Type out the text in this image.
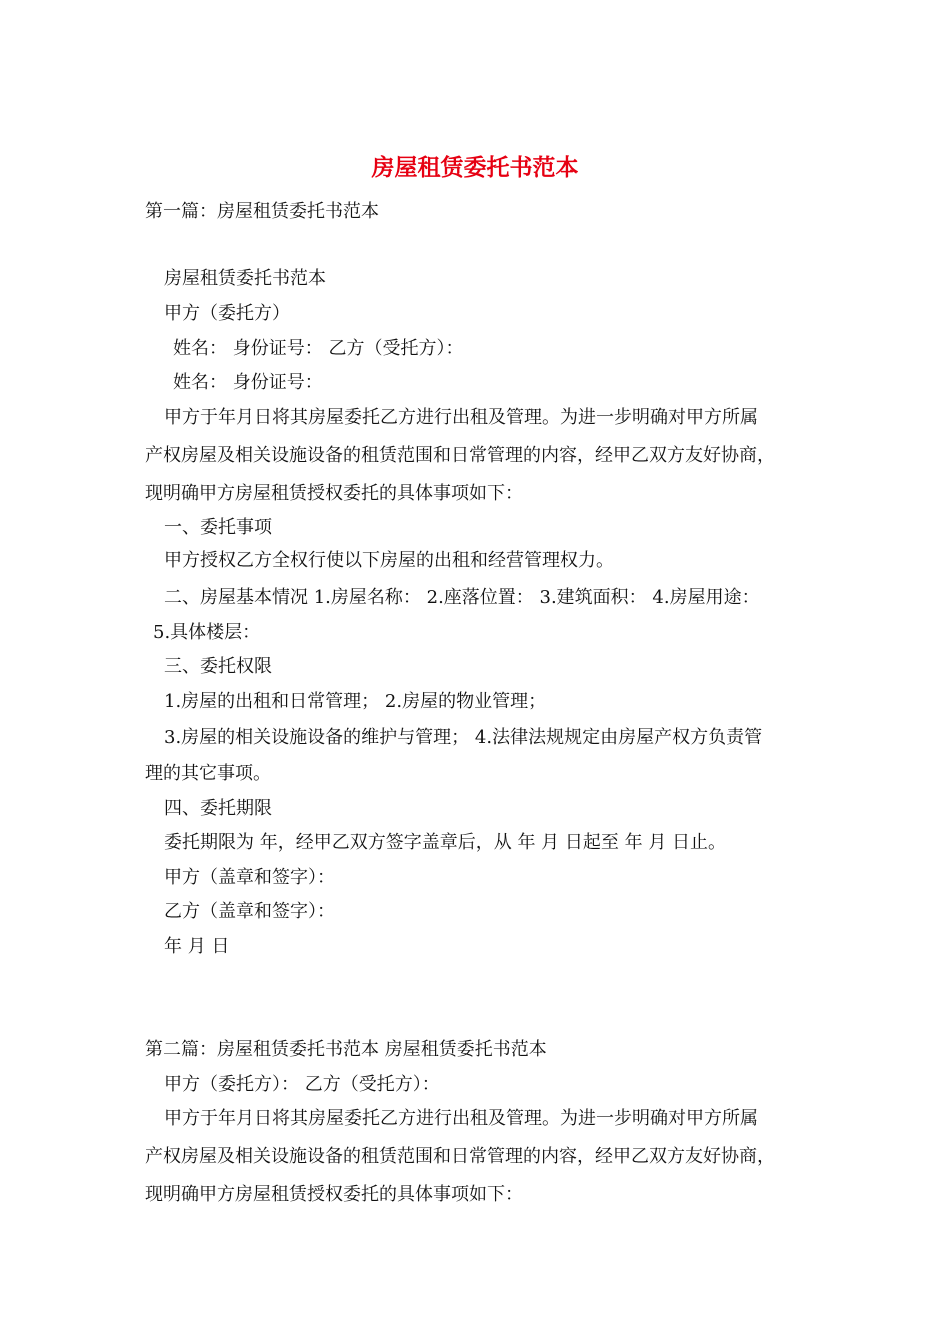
房屋租赁委托书范本
第一篇：房屋租赁委托书范本
房屋租赁委托书范本
甲方（委托方）
姓名： 身份证号： 乙方（受托方）：
姓名： 身份证号：
甲方于年月日将其房屋委托乙方进行出租及管理。为进一步明确对甲方所属
产权房屋及相关设施设备的租赁范围和日常管理的内容，经甲乙双方友好协商，
现明确甲方房屋租赁授权委托的具体事项如下：
一、委托事项
甲方授权乙方全权行使以下房屋的出租和经营管理权力。
二、房屋基本情况 1.房屋名称： 2.座落位置： 3.建筑面积： 4.房屋用途：
5.具体楼层：
三、委托权限
1.房屋的出租和日常管理； 2.房屋的物业管理；
3.房屋的相关设施设备的维护与管理； 4.法律法规规定由房屋产权方负责管
理的其它事项。
四、委托期限
委托期限为 年，经甲乙双方签字盖章后，从 年 月 日起至 年 月 日止。
甲方（盖章和签字）：
乙方（盖章和签字）：
年 月 日
第二篇：房屋租赁委托书范本 房屋租赁委托书范本
甲方（委托方）： 乙方（受托方）：
甲方于年月日将其房屋委托乙方进行出租及管理。为进一步明确对甲方所属
产权房屋及相关设施设备的租赁范围和日常管理的内容，经甲乙双方友好协商，
现明确甲方房屋租赁授权委托的具体事项如下：
